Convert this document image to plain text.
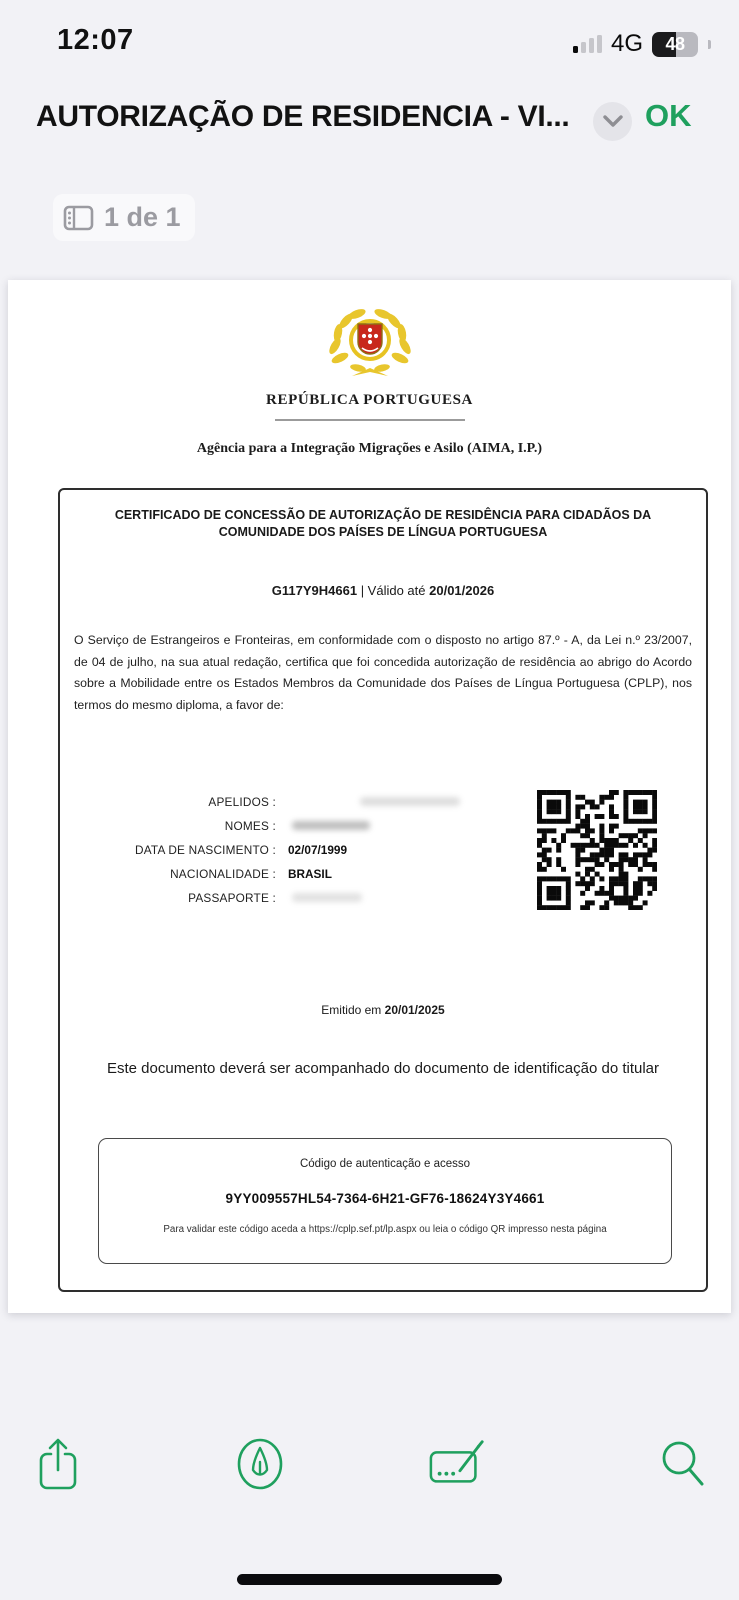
12:07	4G 48
AUTORIZAÇÃO DE RESIDENCIA - VI...	OK
1 de 1
REPÚBLICA PORTUGUESA
Agência para a Integração Migrações e Asilo (AIMA, I.P.)
CERTIFICADO DE CONCESSÃO DE AUTORIZAÇÃO DE RESIDÊNCIA PARA CIDADÃOS DA COMUNIDADE DOS PAÍSES DE LÍNGUA PORTUGUESA
G117Y9H4661 | Válido até 20/01/2026
O Serviço de Estrangeiros e Fronteiras, em conformidade com o disposto no artigo 87.º - A, da Lei n.º 23/2007, de 04 de julho, na sua atual redação, certifica que foi concedida autorização de residência ao abrigo do Acordo sobre a Mobilidade entre os Estados Membros da Comunidade dos Países de Língua Portuguesa (CPLP), nos termos do mesmo diploma, a favor de:
APELIDOS :
NOMES :
DATA DE NASCIMENTO : 02/07/1999
NACIONALIDADE : BRASIL
PASSAPORTE :
Emitido em 20/01/2025
Este documento deverá ser acompanhado do documento de identificação do titular
Código de autenticação e acesso
9YY009557HL54-7364-6H21-GF76-18624Y3Y4661
Para validar este código aceda a https://cplp.sef.pt/lp.aspx ou leia o código QR impresso nesta página
